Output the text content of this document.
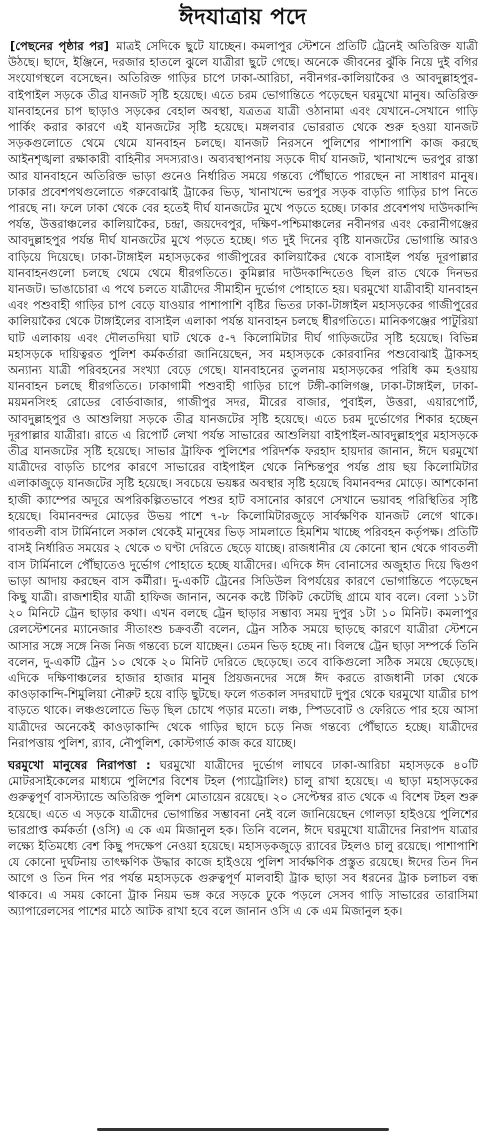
ঈদযাত্রায় পদে

[পেছনের পৃষ্ঠার পর] মাত্রই সেদিকে ছুটে যাচ্ছেন। কমলাপুর স্টেশনে প্রতিটি ট্রেনেই অতিরিক্ত যাত্রী উঠছে। ছাদে, ইঞ্জিনে, দরজার হাতলে ঝুলে যাত্রীরা ছুটে গেছে। অনেকে জীবনের ঝুঁকি নিয়ে দুই বগির সংযোগস্থলে বসেছেন। অতিরিক্ত গাড়ির চাপে ঢাকা-আরিচা, নবীনগর-কালিয়াকৈর ও আবদুল্লাহপুর-বাইপাইল সড়কে তীব্র যানজট সৃষ্টি হয়েছে। এতে চরম ভোগান্তিতে পড়েছেন ঘরমুখো মানুষ। অতিরিক্ত যানবাহনের চাপ ছাড়াও সড়কের বেহাল অবস্থা, যত্রতত্র যাত্রী ওঠানামা এবং যেখানে-সেখানে গাড়ি পার্কিং করার কারণে এই যানজটের সৃষ্টি হয়েছে। মঙ্গলবার ভোররাত থেকে শুরু হওয়া যানজট সড়কগুলোতে থেমে থেমে যানবাহন চলছে। যানজট নিরসনে পুলিশের পাশাপাশি কাজ করছে আইনশৃঙ্খলা রক্ষাকারী বাহিনীর সদস্যরাও। অব্যবস্থাপনায় সড়কে দীর্ঘ যানজট, খানাখন্দে ভরপুর রাস্তা আর যানবাহনে অতিরিক্ত ভাড়া গুনেও নির্ধারিত সময়ে গন্তব্যে পৌঁছাতে পারছেন না সাধারণ মানুষ। ঢাকার প্রবেশপথগুলোতে গরুবোঝাই ট্রাকের ভিড়, খানাখন্দে ভরপুর সড়ক বাড়তি গাড়ির চাপ নিতে পারছে না। ফলে ঢাকা থেকে বের হতেই দীর্ঘ যানজটের মুখে পড়তে হচ্ছে। ঢাকার প্রবেশপথ দাউদকান্দি পর্যন্ত, উত্তরাঞ্চলের কালিয়াকৈর, চন্দ্রা, জয়দেবপুর, দক্ষিণ-পশ্চিমাঞ্চলের নবীনগর এবং কেরানীগঞ্জের আবদুল্লাহপুর পর্যন্ত দীর্ঘ যানজটের মুখে পড়তে হচ্ছে। গত দুই দিনের বৃষ্টি যানজটের ভোগান্তি আরও বাড়িয়ে দিয়েছে। ঢাকা-টাঙ্গাইল মহাসড়কের গাজীপুরের কালিয়াকৈর থেকে বাসাইল পর্যন্ত দূরপাল্লার যানবাহনগুলো চলছে থেমে থেমে ধীরগতিতে। কুমিল্লার দাউদকান্দিতেও ছিল রাত থেকে দিনভর যানজট। ভাঙাচোরা এ পথে চলতে যাত্রীদের সীমাহীন দুর্ভোগ পোহাতে হয়। ঘরমুখো যাত্রীবাহী যানবাহন এবং পশুবাহী গাড়ির চাপ বেড়ে যাওয়ার পাশাপাশি বৃষ্টির ভিতর ঢাকা-টাঙ্গাইল মহাসড়কের গাজীপুরের কালিয়াকৈর থেকে টাঙ্গাইলের বাসাইল এলাকা পর্যন্ত যানবাহন চলছে ধীরগতিতে। মানিকগঞ্জের পাটুরিয়া ঘাট এলাকায় এবং দৌলতদিয়া ঘাট থেকে ৫-৭ কিলোমিটার দীর্ঘ গাড়িজটের সৃষ্টি হয়েছে। বিভিন্ন মহাসড়কে দায়িত্বরত পুলিশ কর্মকর্তারা জানিয়েছেন, সব মহাসড়কে কোরবানির পশুবোঝাই ট্রাকসহ অন্যান্য যাত্রী পরিবহনের সংখ্যা বেড়ে গেছে। যানবাহনের তুলনায় মহাসড়কের পরিধি কম হওয়ায় যানবাহন চলছে ধীরগতিতে। ঢাকাগামী পশুবাহী গাড়ির চাপে টঙ্গী-কালিগঞ্জ, ঢাকা-টাঙ্গাইল, ঢাকা-ময়মনসিংহ রোডের বোর্ডবাজার, গাজীপুর সদর, মীরের বাজার, পুবাইল, উত্তরা, এয়ারপোর্ট, আবদুল্লাহপুর ও আশুলিয়া সড়কে তীব্র যানজটের সৃষ্টি হয়েছে। এতে চরম দুর্ভোগের শিকার হচ্ছেন দূরপাল্লার যাত্রীরা। রাতে এ রিপোর্ট লেখা পর্যন্ত সাভারের আশুলিয়া বাইপাইল-আবদুল্লাহপুর মহাসড়কে তীব্র যানজটের সৃষ্টি হয়েছে। সাভার ট্রাফিক পুলিশের পরিদর্শক ফরহাদ হায়দার জানান, ঈদে ঘরমুখো যাত্রীদের বাড়তি চাপের কারণে সাভারের বাইপাইল থেকে নিশ্চিন্তপুর পর্যন্ত প্রায় ছয় কিলোমিটার এলাকাজুড়ে যানজটের সৃষ্টি হয়েছে। সবচেয়ে ভয়ঙ্কর অবস্থার সৃষ্টি হয়েছে বিমানবন্দর মোড়ে। আশকোনা হাজী ক্যাম্পের অদূরে অপরিকল্পিতভাবে পশুর হাট বসানোর কারণে সেখানে ভয়াবহ পরিস্থিতির সৃষ্টি হয়েছে। বিমানবন্দর মোড়ের উভয় পাশে ৭-৮ কিলোমিটারজুড়ে সার্বক্ষণিক যানজট লেগে থাকে। গাবতলী বাস টার্মিনালে সকাল থেকেই মানুষের ভিড় সামলাতে হিমশিম খাচ্ছে পরিবহন কর্তৃপক্ষ। প্রতিটি বাসই নির্ধারিত সময়ের ২ থেকে ৩ ঘণ্টা দেরিতে ছেড়ে যাচ্ছে। রাজধানীর যে কোনো স্থান থেকে গাবতলী বাস টার্মিনালে পৌঁছাতেও দুর্ভোগ পোহাতে হচ্ছে যাত্রীদের। এদিকে ঈদ বোনাসের অজুহাত দিয়ে দ্বিগুণ ভাড়া আদায় করছেন বাস কর্মীরা। দু-একটি ট্রেনের সিডিউল বিপর্যয়ের কারণে ভোগান্তিতে পড়েছেন কিছু যাত্রী। রাজশাহীর যাত্রী হাফিজ জানান, অনেক কষ্টে টিকিট কেটেছি গ্রামে যাব বলে। বেলা ১১টা ২০ মিনিটে ট্রেন ছাড়ার কথা। এখন বলছে ট্রেন ছাড়ার সম্ভাব্য সময় দুপুর ১টা ১০ মিনিট। কমলাপুর রেলস্টেশনের ম্যানেজার সীতাংশু চক্রবর্তী বলেন, ট্রেন সঠিক সময়ে ছাড়ছে কারণে যাত্রীরা স্টেশনে আসার সঙ্গে সঙ্গে নিজ নিজ গন্তব্যে চলে যাচ্ছেন। তেমন ভিড় হচ্ছে না। বিলম্বে ট্রেন ছাড়া সম্পর্কে তিনি বলেন, দু-একটি ট্রেন ১০ থেকে ২০ মিনিট দেরিতে ছেড়েছে। তবে বাকিগুলো সঠিক সময়ে ছেড়েছে। এদিকে দক্ষিণাঞ্চলের হাজার হাজার মানুষ প্রিয়জনদের সঙ্গে ঈদ করতে রাজধানী ঢাকা থেকে কাওড়াকান্দি-শিমুলিয়া নৌরুট হয়ে বাড়ি ছুটছে। ফলে গতকাল সদরঘাটে দুপুর থেকে ঘরমুখো যাত্রীর চাপ বাড়তে থাকে। লঞ্চগুলোতে ভিড় ছিল চোখে পড়ার মতো। লঞ্চ, স্পিডবোট ও ফেরিতে পার হয়ে আসা যাত্রীদের অনেকেই কাওড়াকান্দি থেকে গাড়ির ছাদে চড়ে নিজ গন্তব্যে পৌঁছাতে হচ্ছে। যাত্রীদের নিরাপত্তায় পুলিশ, র‌্যাব, নৌপুলিশ, কোস্টগার্ড কাজ করে যাচ্ছে।

ঘরমুখো মানুষের নিরাপত্তা : ঘরমুখো যাত্রীদের দুর্ভোগ লাঘবে ঢাকা-আরিচা মহাসড়কে ৪০টি মোটরসাইকেলের মাধ্যমে পুলিশের বিশেষ টহল (প্যাট্রোলিং) চালু রাখা হয়েছে। এ ছাড়া মহাসড়কের গুরুত্বপূর্ণ বাসস্ট্যান্ডে অতিরিক্ত পুলিশ মোতায়েন রয়েছে। ২০ সেপ্টেম্বর রাত থেকে এ বিশেষ টহল শুরু হয়েছে। এতে এ সড়কে যাত্রীদের ভোগান্তির সম্ভাবনা নেই বলে জানিয়েছেন গোলড়া হাইওয়ে পুলিশের ভারপ্রাপ্ত কর্মকর্তা (ওসি) এ কে এম মিজানুল হক। তিনি বলেন, ঈদে ঘরমুখো যাত্রীদের নিরাপদ যাত্রার লক্ষ্যে ইতিমধ্যে বেশ কিছু পদক্ষেপ নেওয়া হয়েছে। মহাসড়কজুড়ে র‌্যাবের টহলও চালু রয়েছে। পাশাপাশি যে কোনো দুর্ঘটনায় তাৎক্ষণিক উদ্ধার কাজে হাইওয়ে পুলিশ সার্বক্ষণিক প্রস্তুত রয়েছে। ঈদের তিন দিন আগে ও তিন দিন পর পর্যন্ত মহাসড়কে গুরুত্বপূর্ণ মালবাহী ট্রাক ছাড়া সব ধরনের ট্রাক চলাচল বন্ধ থাকবে। এ সময় কোনো ট্রাক নিয়ম ভঙ্গ করে সড়কে ঢুকে পড়লে সেসব গাড়ি সাভারের তারাসিমা অ্যাপারেলসের পাশের মাঠে আটক রাখা হবে বলে জানান ওসি এ কে এম মিজানুল হক।
